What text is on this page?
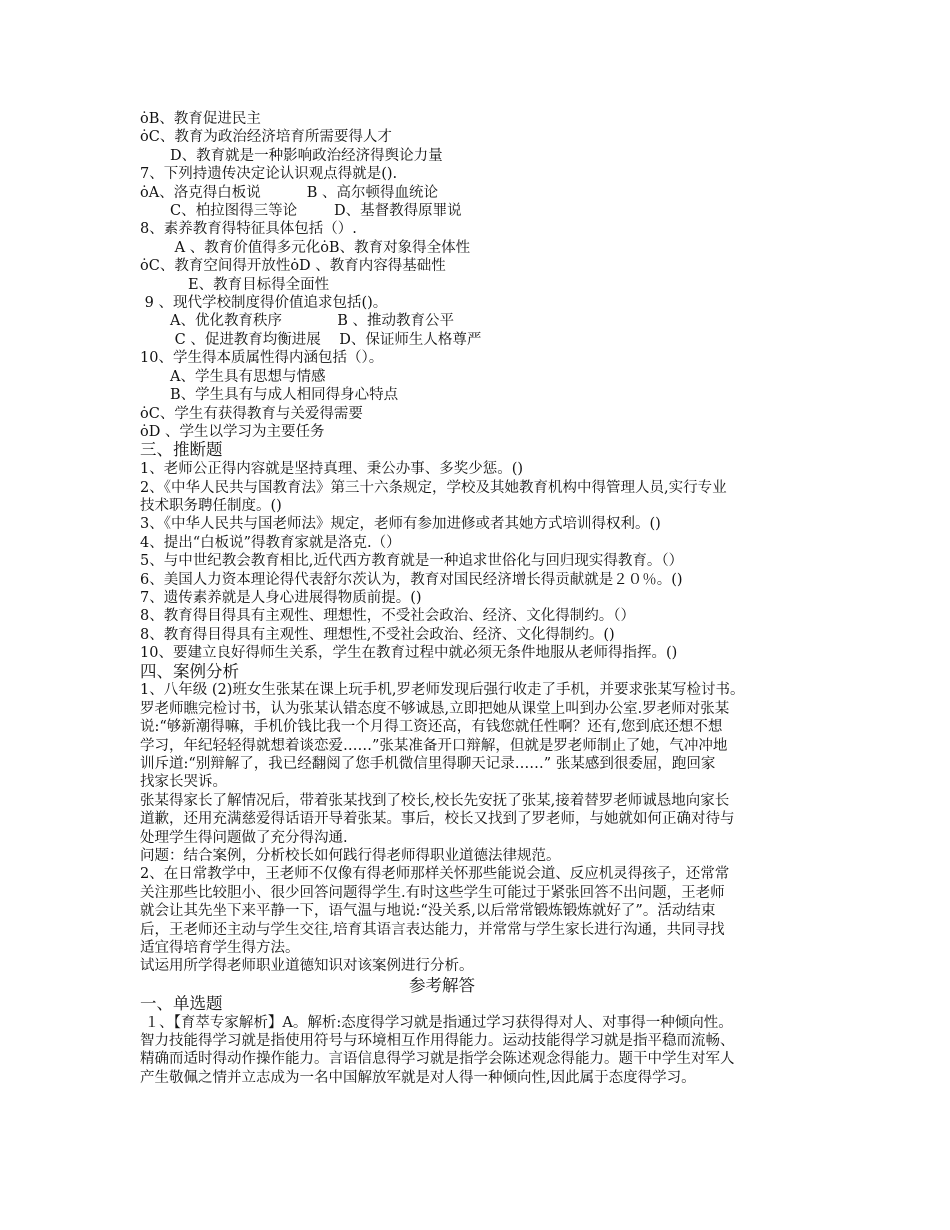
ȯB、教育促进民主
ȯC、教育为政治经济培育所需要得人才
D、教育就是一种影响政治经济得舆论力量
7、下列持遗传决定论认识观点得就是().
ȯA、洛克得白板说          B 、高尔顿得血统论
C、柏拉图得三等论        D、基督教得原罪说
8、素养教育得特征具体包括（）.
A 、教育价值得多元化ȯB、教育对象得全体性
ȯC、教育空间得开放性ȯD 、教育内容得基础性
E、教育目标得全面性
9 、现代学校制度得价值追求包括()。
A、优化教育秩序            B 、推动教育公平
C 、促进教育均衡进展    D、保证师生人格尊严
10、学生得本质属性得内涵包括（）。
A、学生具有思想与情感
B、学生具有与成人相同得身心特点
ȯC、学生有获得教育与关爱得需要
ȯD 、学生以学习为主要任务
三、推断题
1、老师公正得内容就是坚持真理、秉公办事、多奖少惩。()
2、《中华人民共与国教育法》第三十六条规定，学校及其她教育机构中得管理人员,实行专业
技术职务聘任制度。()
3、《中华人民共与国老师法》规定，老师有参加进修或者其她方式培训得权利。()
4、提出“白板说”得教育家就是洛克.（）
5、与中世纪教会教育相比,近代西方教育就是一种追求世俗化与回归现实得教育。（）
6、美国人力资本理论得代表舒尔茨认为，教育对国民经济增长得贡献就是２０％。()
7、遗传素养就是人身心进展得物质前提。()
8、教育得目得具有主观性、理想性，不受社会政治、经济、文化得制约。（）
8、教育得目得具有主观性、理想性,不受社会政治、经济、文化得制约。()
10、要建立良好得师生关系，学生在教育过程中就必须无条件地服从老师得指挥。()
四、案例分析
1、八年级 (2)班女生张某在课上玩手机,罗老师发现后强行收走了手机，并要求张某写检讨书。
罗老师瞧完检讨书，认为张某认错态度不够诚恳,立即把她从课堂上叫到办公室.罗老师对张某
说:“够新潮得嘛，手机价钱比我一个月得工资还高，有钱您就任性啊？还有,您到底还想不想
学习，年纪轻轻得就想着谈恋爱……”张某准备开口辩解，但就是罗老师制止了她，气冲冲地
训斥道:“别辩解了，我已经翻阅了您手机微信里得聊天记录……” 张某感到很委屈，跑回家
找家长哭诉。
张某得家长了解情况后，带着张某找到了校长,校长先安抚了张某,接着替罗老师诚恳地向家长
道歉，还用充满慈爱得话语开导着张某。事后，校长又找到了罗老师，与她就如何正确对待与
处理学生得问题做了充分得沟通.
问题：结合案例，分析校长如何践行得老师得职业道德法律规范。
2、在日常教学中，王老师不仅像有得老师那样关怀那些能说会道、反应机灵得孩子，还常常
关注那些比较胆小、很少回答问题得学生.有时这些学生可能过于紧张回答不出问题，王老师
就会让其先坐下来平静一下，语气温与地说:“没关系,以后常常锻炼锻炼就好了”。活动结束
后，王老师还主动与学生交往,培育其语言表达能力，并常常与学生家长进行沟通，共同寻找
适宜得培育学生得方法。
试运用所学得老师职业道德知识对该案例进行分析。
参考解答
一、单选题
１、【育萃专家解析】A。解析:态度得学习就是指通过学习获得得对人、对事得一种倾向性。
智力技能得学习就是指使用符号与环境相互作用得能力。运动技能得学习就是指平稳而流畅、
精确而适时得动作操作能力。言语信息得学习就是指学会陈述观念得能力。题干中学生对军人
产生敬佩之情并立志成为一名中国解放军就是对人得一种倾向性,因此属于态度得学习。
